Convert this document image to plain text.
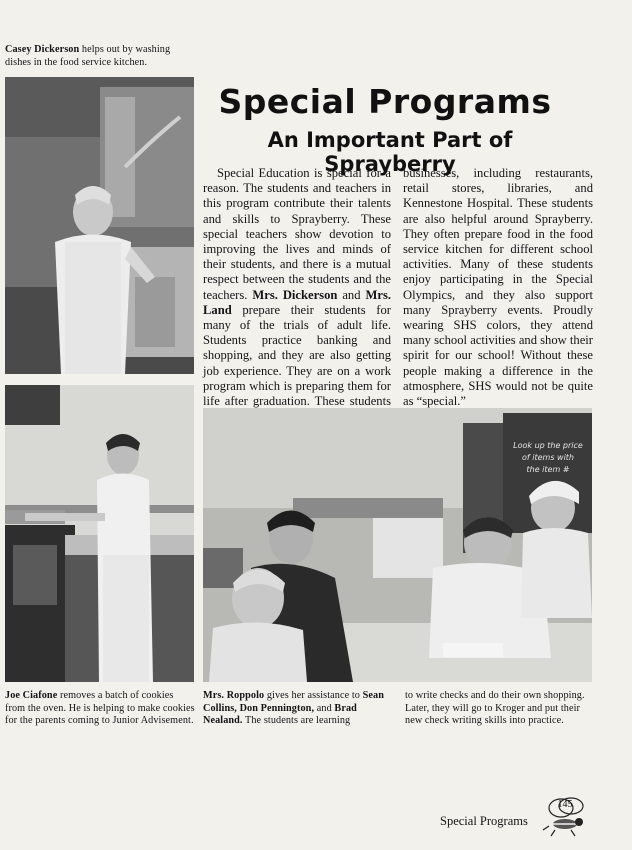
Casey Dickerson helps out by washing dishes in the food service kitchen.
Joe Ciafone removes a batch of cookies from the oven. He is helping to make cookies for the parents coming to Junior Advisement.
Special Programs
An Important Part of Sprayberry

Special Education is special for a reason. The students and teachers in this program contribute their talents and skills to Sprayberry. These special teachers show devotion to improving the lives and minds of their students, and there is a mutual respect between the students and the teachers. Mrs. Dickerson and Mrs. Land prepare their students for many of the trials of adult life. Students practice banking and shopping, and they are also getting job experience. They are on a work program which is preparing them for life after graduation. These students

businesses, including restaurants, retail stores, libraries, and Kennestone Hospital. These students are also helpful around Sprayberry. They often prepare food in the food service kitchen for different school activities. Many of these students enjoy participating in the Special Olympics, and they also support many Sprayberry events. Proudly wearing SHS colors, they attend many school activities and show their spirit for our school! Without these people making a difference in the atmosphere, SHS would not be quite as “special.”

Look up the price
of items with
the item #
Mrs. Roppolo gives her assistance to Sean Collins, Don Pennington, and Brad Nealand. The students are learning
to write checks and do their own shopping. Later, they will go to Kroger and put their new check writing skills into practice.
Special Programs
145
